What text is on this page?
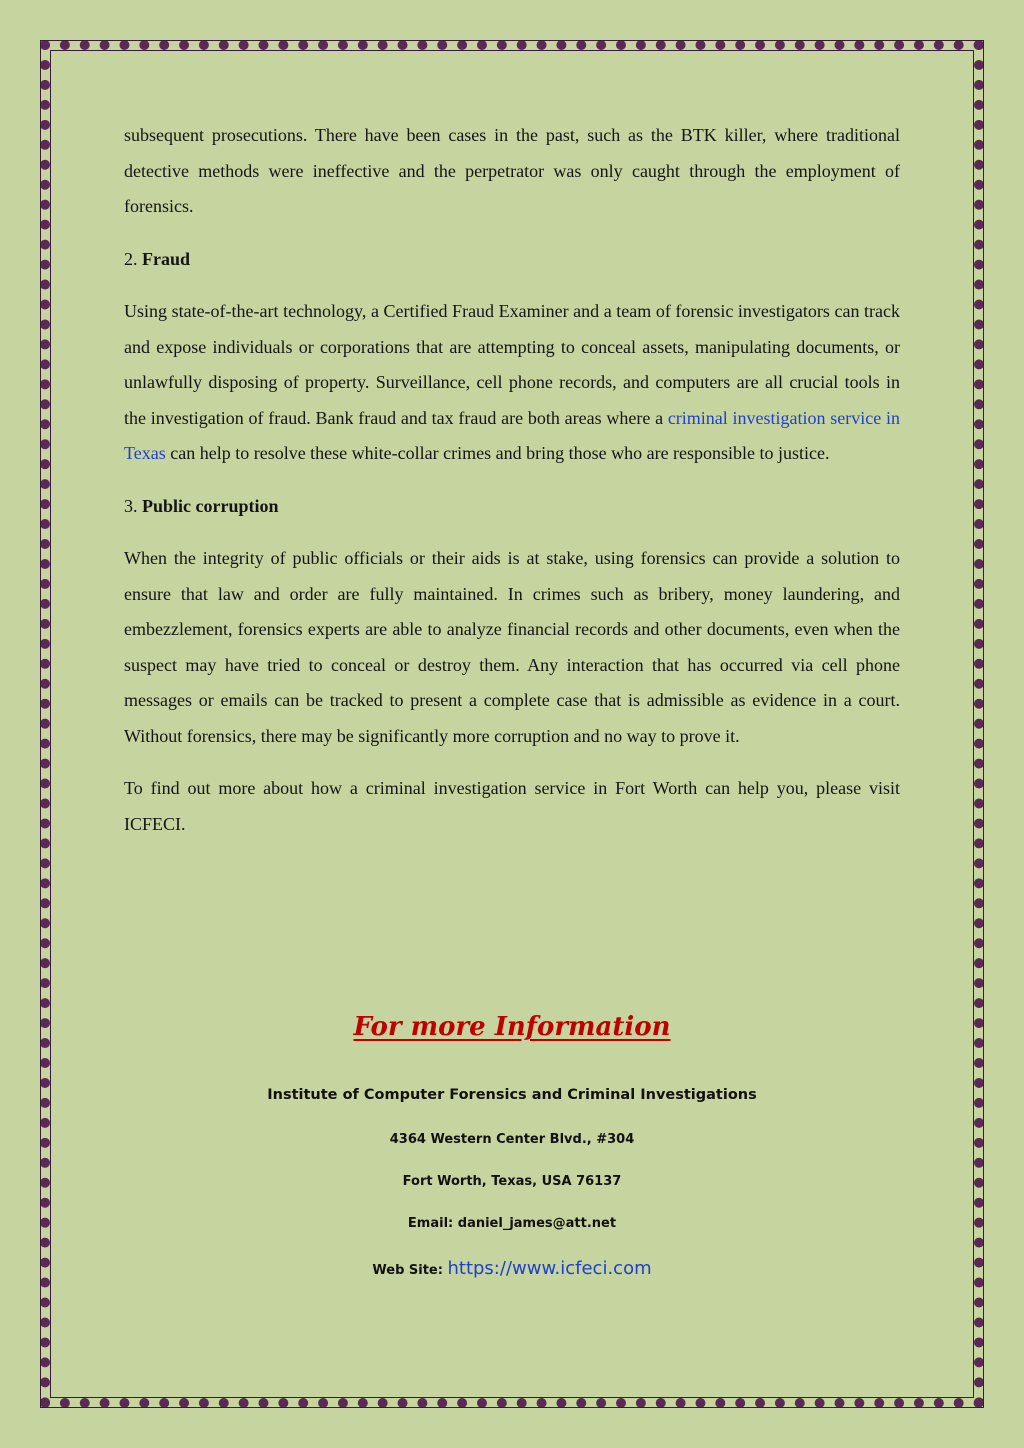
subsequent prosecutions. There have been cases in the past, such as the BTK killer, where traditional detective methods were ineffective and the perpetrator was only caught through the employment of forensics.

2. Fraud

Using state-of-the-art technology, a Certified Fraud Examiner and a team of forensic investigators can track and expose individuals or corporations that are attempting to conceal assets, manipulating documents, or unlawfully disposing of property. Surveillance, cell phone records, and computers are all crucial tools in the investigation of fraud. Bank fraud and tax fraud are both areas where a criminal investigation service in Texas can help to resolve these white-collar crimes and bring those who are responsible to justice.

3. Public corruption

When the integrity of public officials or their aids is at stake, using forensics can provide a solution to ensure that law and order are fully maintained. In crimes such as bribery, money laundering, and embezzlement, forensics experts are able to analyze financial records and other documents, even when the suspect may have tried to conceal or destroy them. Any interaction that has occurred via cell phone messages or emails can be tracked to present a complete case that is admissible as evidence in a court. Without forensics, there may be significantly more corruption and no way to prove it.

To find out more about how a criminal investigation service in Fort Worth can help you, please visit ICFECI.

For more Information
Institute of Computer Forensics and Criminal Investigations
4364 Western Center Blvd., #304
Fort Worth, Texas, USA 76137
Email: daniel_james@att.net
Web Site: https://www.icfeci.com
